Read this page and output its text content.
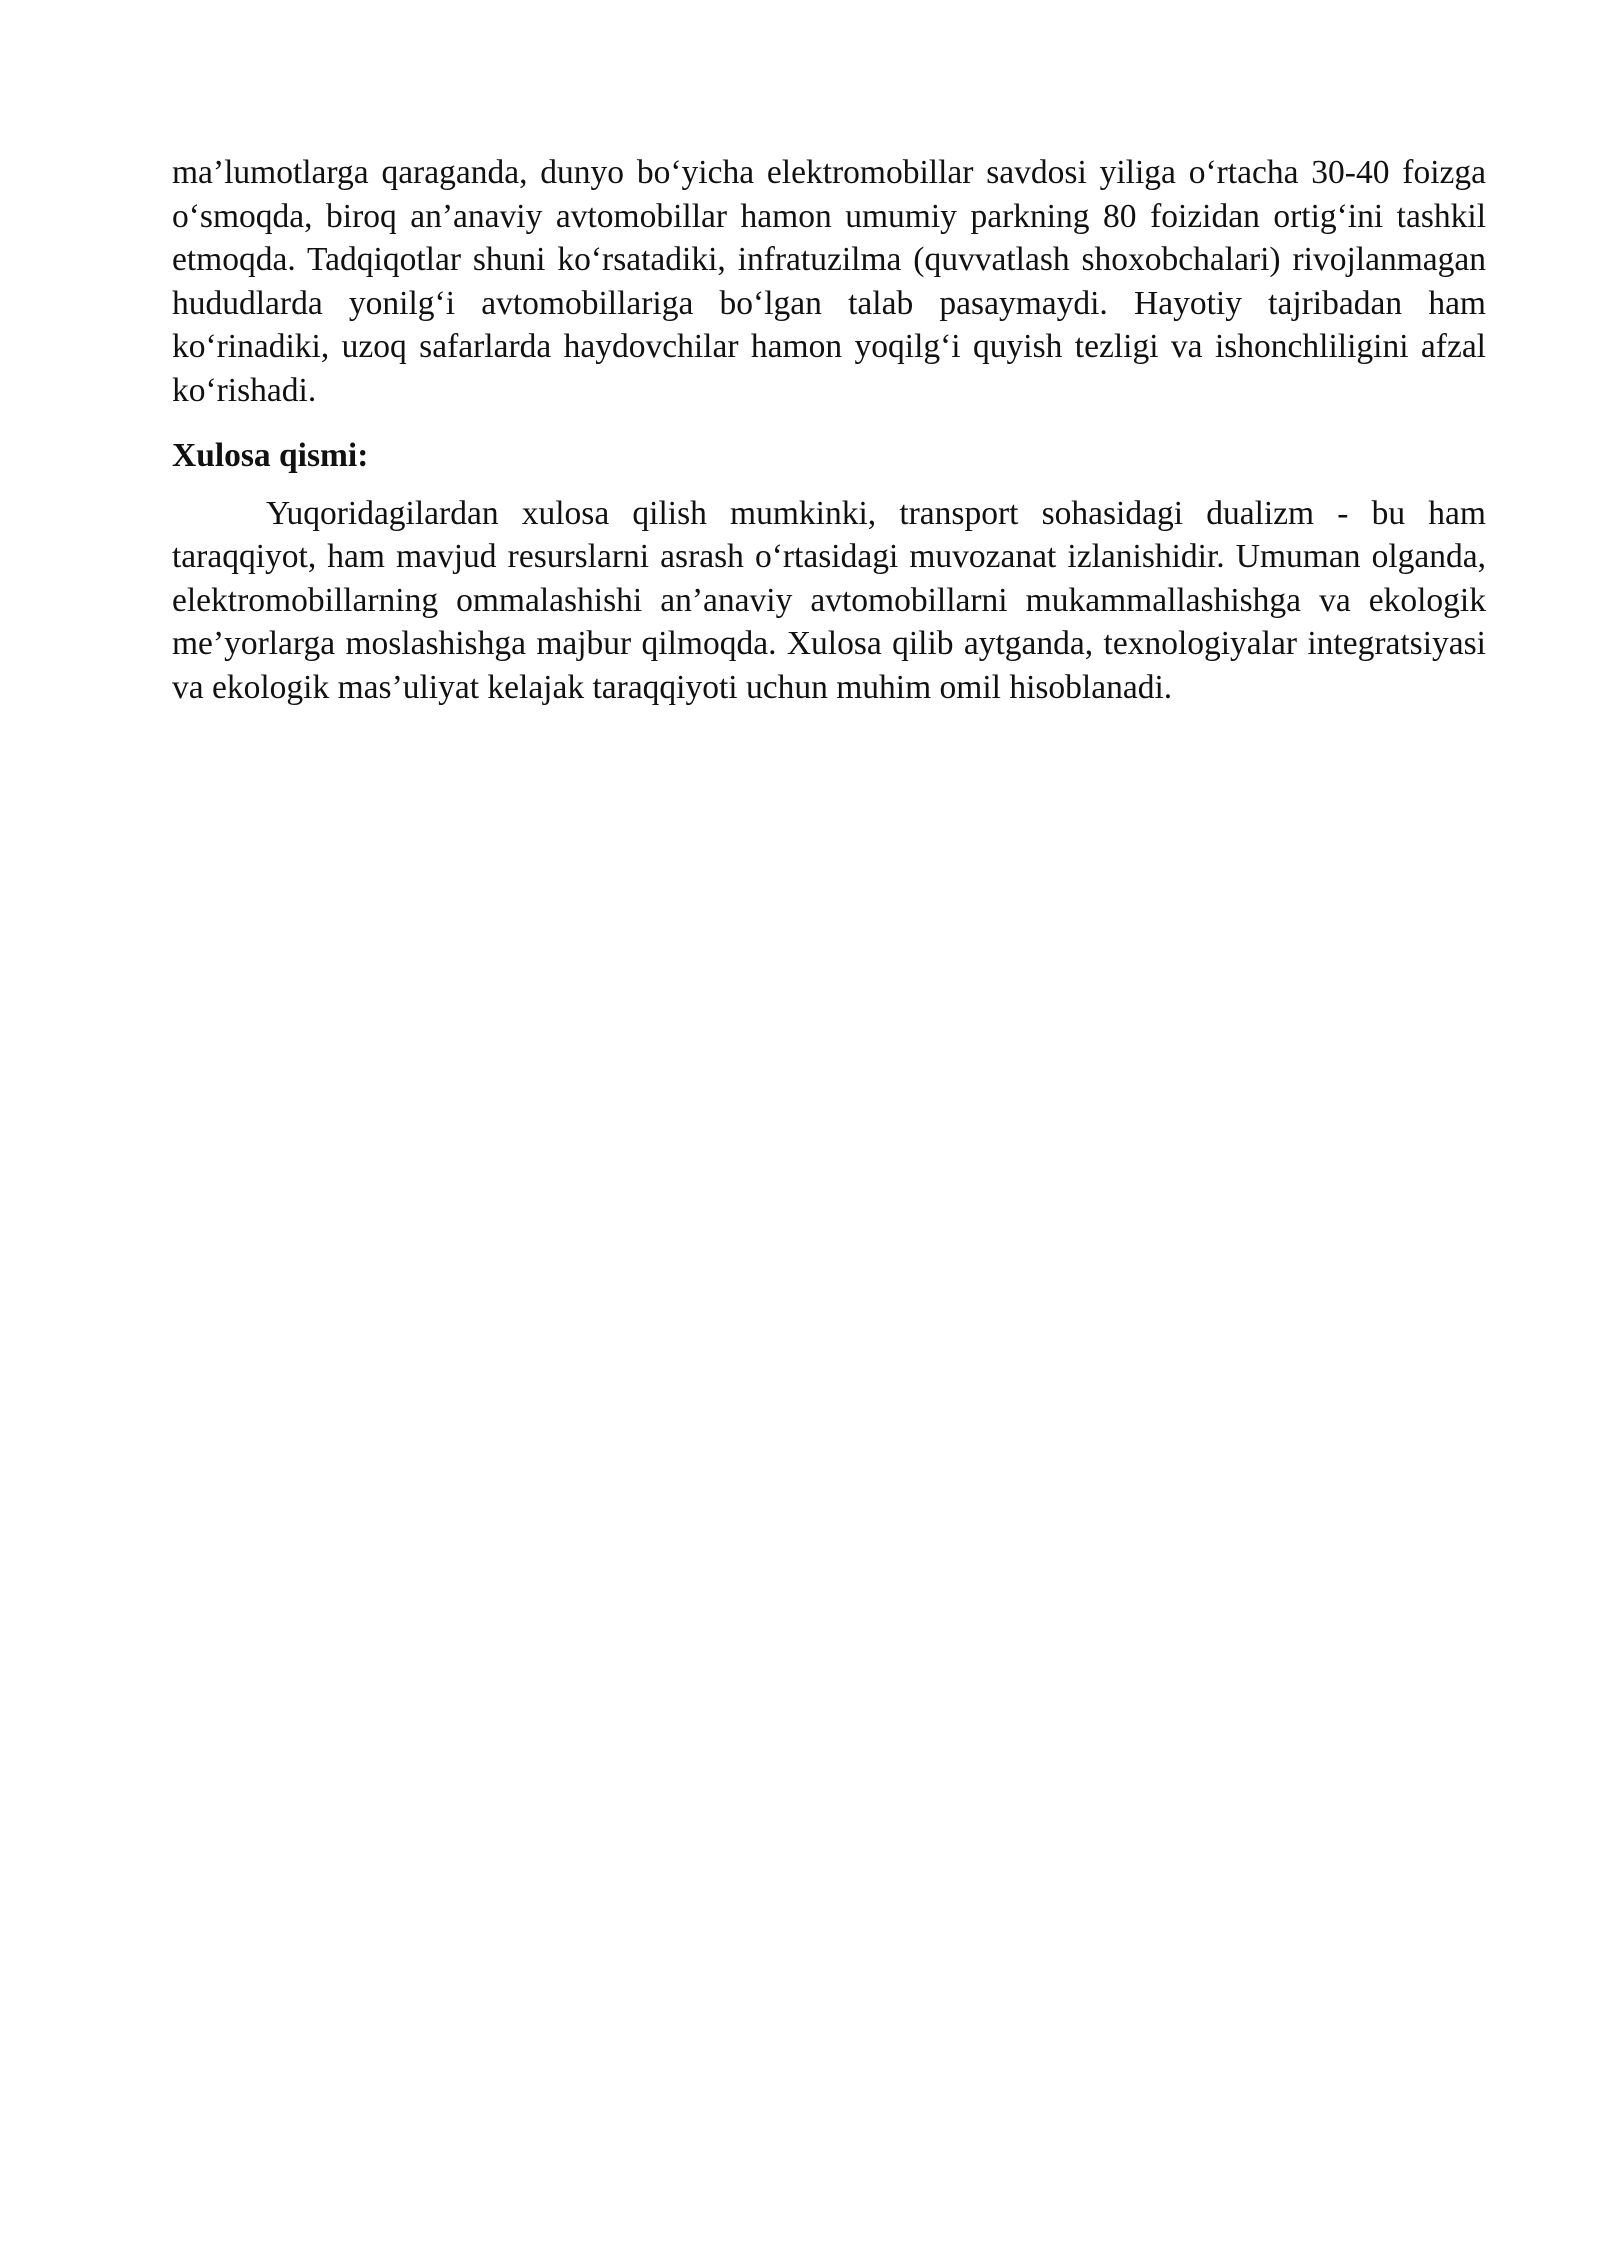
ma’lumotlarga qaraganda, dunyo bo‘yicha elektromobillar savdosi yiliga o‘rtacha 30-40 foizga o‘smoqda, biroq an’anaviy avtomobillar hamon umumiy parkning 80 foizidan ortig‘ini tashkil etmoqda. Tadqiqotlar shuni ko‘rsatadiki, infratuzilma (quvvatlash shoxobchalari) rivojlanmagan hududlarda yonilg‘i avtomobillariga bo‘lgan talab pasaymaydi. Hayotiy tajribadan ham ko‘rinadiki, uzoq safarlarda haydovchilar hamon yoqilg‘i quyish tezligi va ishonchliligini afzal ko‘rishadi.

Xulosa qismi:

Yuqoridagilardan xulosa qilish mumkinki, transport sohasidagi dualizm - bu ham taraqqiyot, ham mavjud resurslarni asrash o‘rtasidagi muvozanat izlanishidir. Umuman olganda, elektromobillarning ommalashishi an’anaviy avtomobillarni mukammallashishga va ekologik me’yorlarga moslashishga majbur qilmoqda. Xulosa qilib aytganda, texnologiyalar integratsiyasi va ekologik mas’uliyat kelajak taraqqiyoti uchun muhim omil hisoblanadi.
